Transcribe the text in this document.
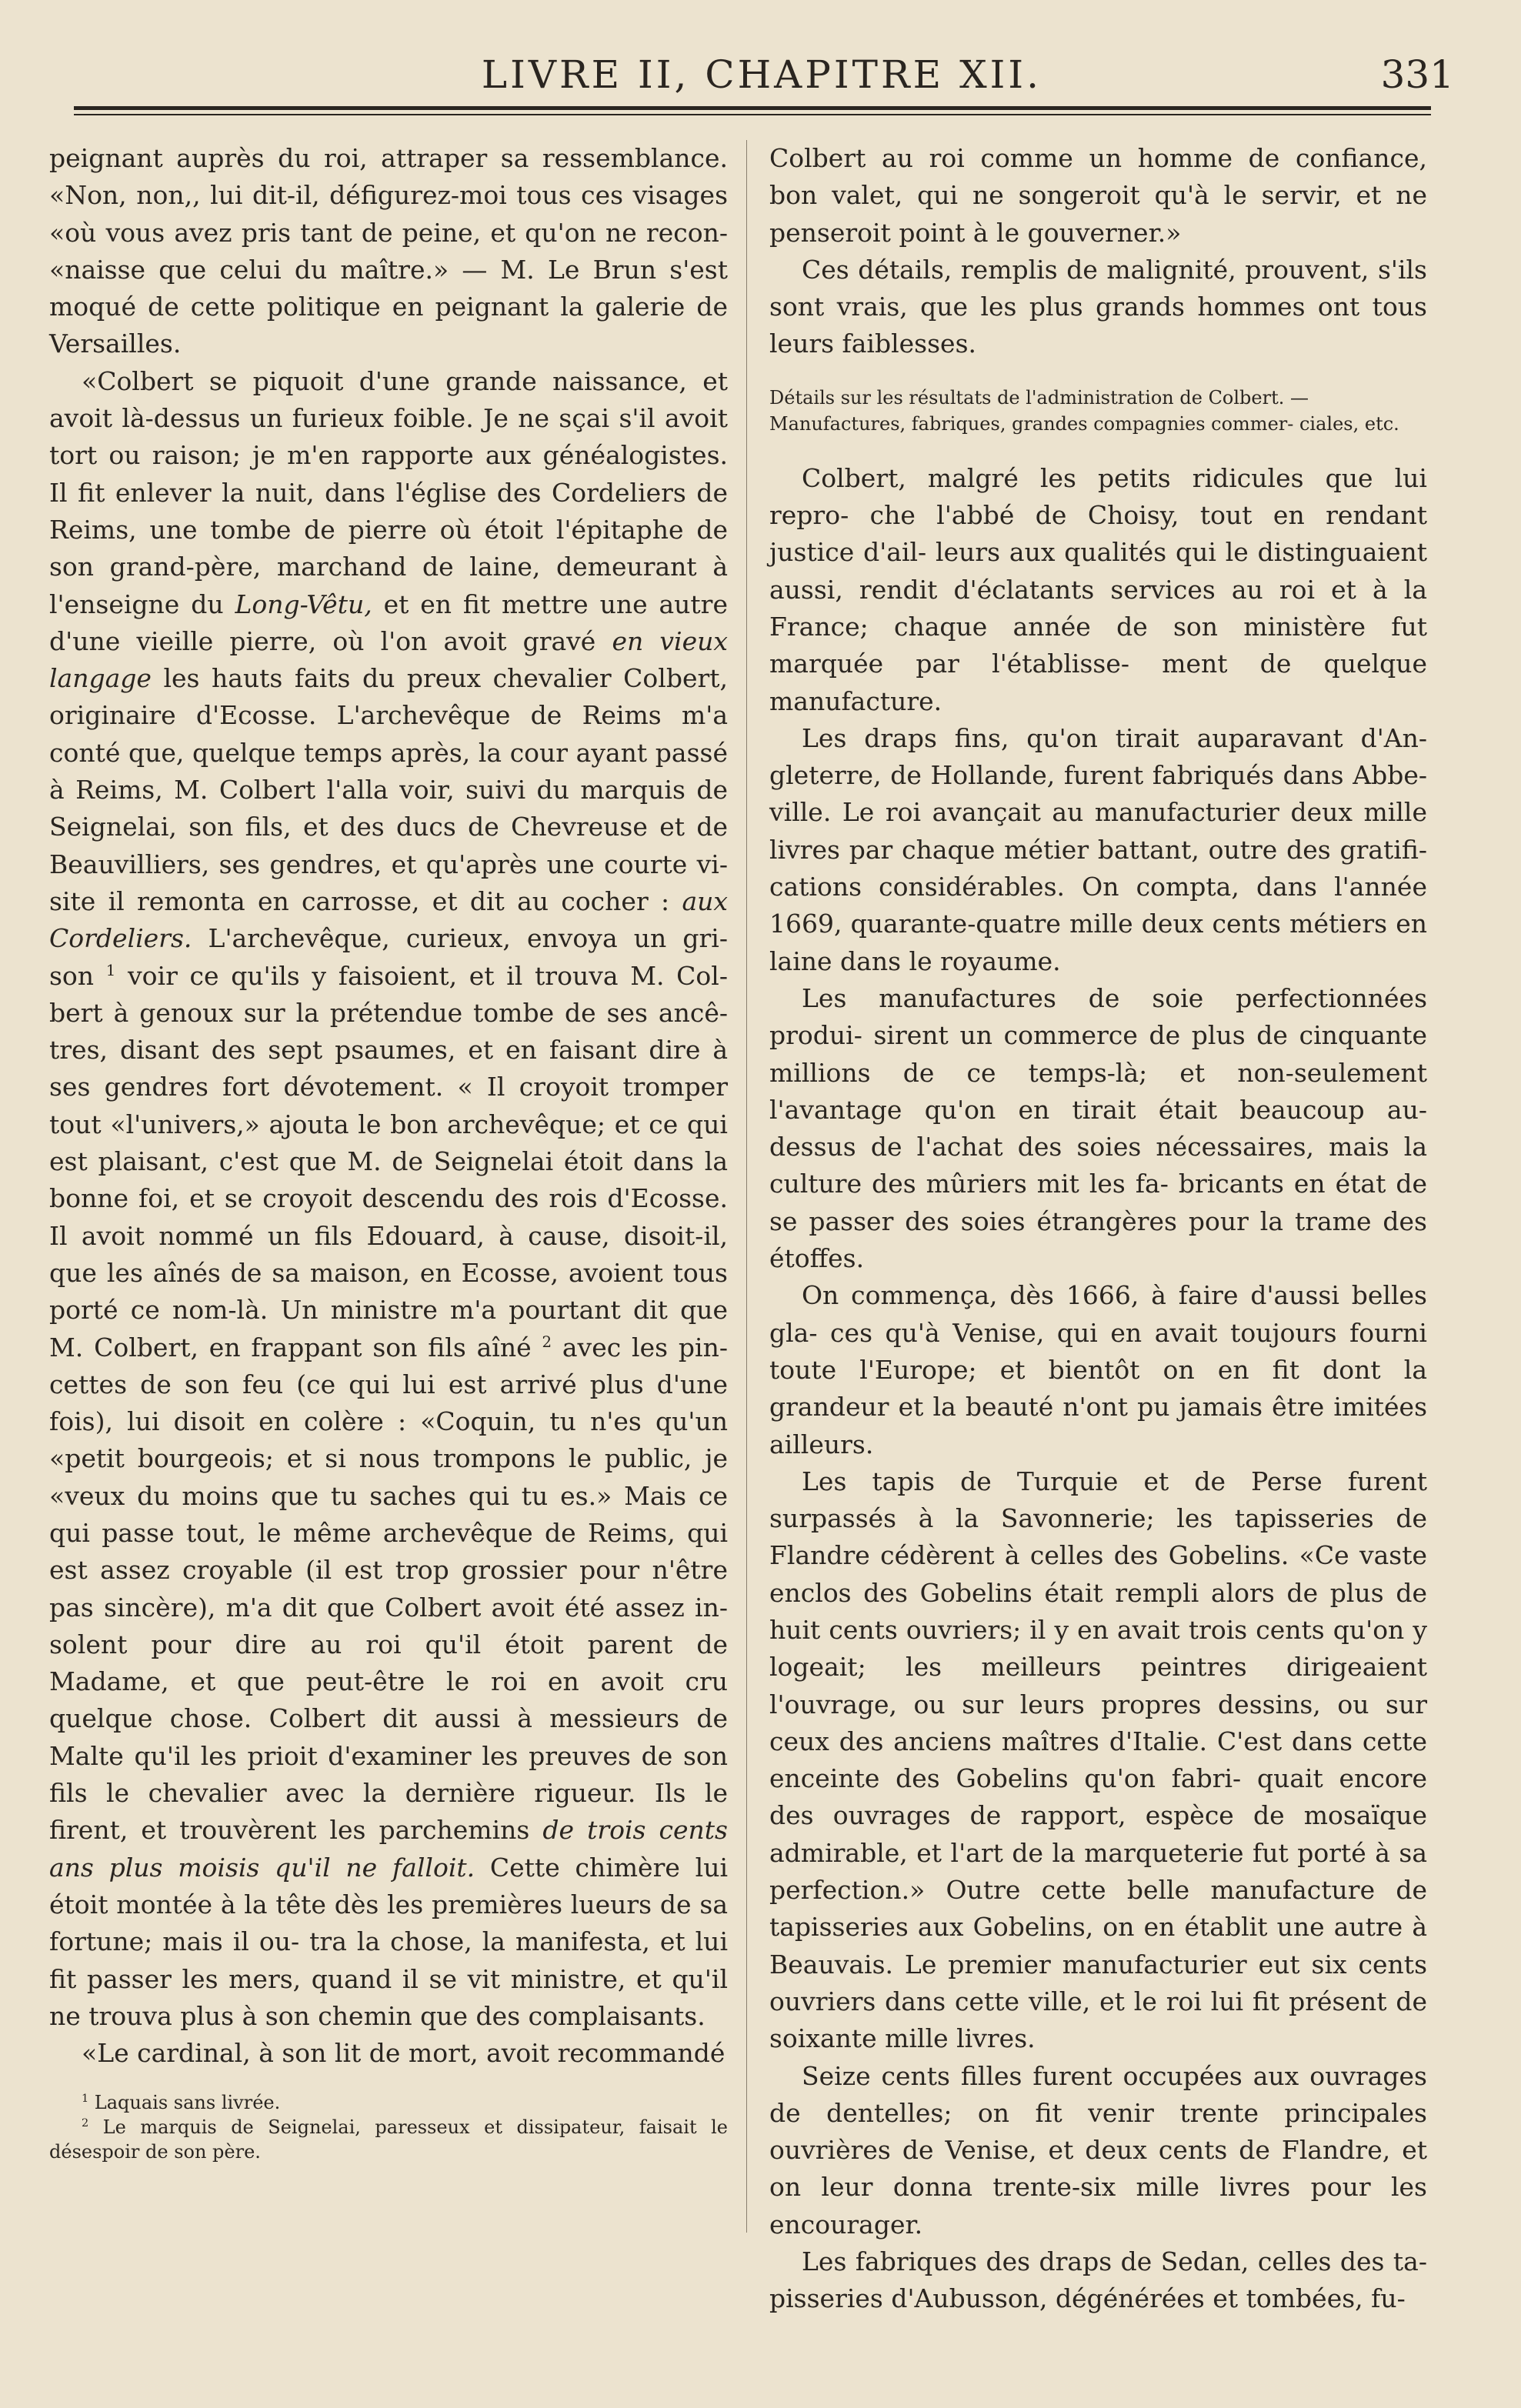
LIVRE II, CHAPITRE XII.	331

peignant auprès du roi, attraper sa ressemblance. «Non, non,, lui dit-il, défigurez-moi tous ces visages «où vous avez pris tant de peine, et qu'on ne recon- «naisse que celui du maître.» — M. Le Brun s'est moqué de cette politique en peignant la galerie de Versailles.

«Colbert se piquoit d'une grande naissance, et avoit là-dessus un furieux foible. Je ne sçai s'il avoit tort ou raison; je m'en rapporte aux généalogistes. Il fit enlever la nuit, dans l'église des Cordeliers de Reims, une tombe de pierre où étoit l'épitaphe de son grand-père, marchand de laine, demeurant à l'enseigne du Long-Vêtu, et en fit mettre une autre d'une vieille pierre, où l'on avoit gravé en vieux langage les hauts faits du preux chevalier Colbert, originaire d'Ecosse. L'archevêque de Reims m'a conté que, quelque temps après, la cour ayant passé à Reims, M. Colbert l'alla voir, suivi du marquis de Seignelai, son fils, et des ducs de Chevreuse et de Beauvilliers, ses gendres, et qu'après une courte vi- site il remonta en carrosse, et dit au cocher : aux Cordeliers. L'archevêque, curieux, envoya un gri- son $^1$ voir ce qu'ils y faisoient, et il trouva M. Col- bert à genoux sur la prétendue tombe de ses ancê- tres, disant des sept psaumes, et en faisant dire à ses gendres fort dévotement. « Il croyoit tromper tout «l'univers,» ajouta le bon archevêque; et ce qui est plaisant, c'est que M. de Seignelai étoit dans la bonne foi, et se croyoit descendu des rois d'Ecosse. Il avoit nommé un fils Edouard, à cause, disoit-il, que les aînés de sa maison, en Ecosse, avoient tous porté ce nom-là. Un ministre m'a pourtant dit que M. Colbert, en frappant son fils aîné $^2$ avec les pin- cettes de son feu (ce qui lui est arrivé plus d'une fois), lui disoit en colère : «Coquin, tu n'es qu'un «petit bourgeois; et si nous trompons le public, je «veux du moins que tu saches qui tu es.» Mais ce qui passe tout, le même archevêque de Reims, qui est assez croyable (il est trop grossier pour n'être pas sincère), m'a dit que Colbert avoit été assez in- solent pour dire au roi qu'il étoit parent de Madame, et que peut-être le roi en avoit cru quelque chose. Colbert dit aussi à messieurs de Malte qu'il les prioit d'examiner les preuves de son fils le chevalier avec la dernière rigueur. Ils le firent, et trouvèrent les parchemins de trois cents ans plus moisis qu'il ne falloit. Cette chimère lui étoit montée à la tête dès les premières lueurs de sa fortune; mais il ou- tra la chose, la manifesta, et lui fit passer les mers, quand il se vit ministre, et qu'il ne trouva plus à son chemin que des complaisants.

«Le cardinal, à son lit de mort, avoit recommandé

$^1$ Laquais sans livrée.

$^2$ Le marquis de Seignelai, paresseux et dissipateur, faisait le désespoir de son père.

Colbert au roi comme un homme de confiance, bon valet, qui ne songeroit qu'à le servir, et ne penseroit point à le gouverner.»

Ces détails, remplis de malignité, prouvent, s'ils sont vrais, que les plus grands hommes ont tous leurs faiblesses.

Détails sur les résultats de l'administration de Colbert. — Manufactures, fabriques, grandes compagnies commer- ciales, etc.

Colbert, malgré les petits ridicules que lui repro- che l'abbé de Choisy, tout en rendant justice d'ail- leurs aux qualités qui le distinguaient aussi, rendit d'éclatants services au roi et à la France; chaque année de son ministère fut marquée par l'établisse- ment de quelque manufacture.

Les draps fins, qu'on tirait auparavant d'An- gleterre, de Hollande, furent fabriqués dans Abbe- ville. Le roi avançait au manufacturier deux mille livres par chaque métier battant, outre des gratifi- cations considérables. On compta, dans l'année 1669, quarante-quatre mille deux cents métiers en laine dans le royaume.

Les manufactures de soie perfectionnées produi- sirent un commerce de plus de cinquante millions de ce temps-là; et non-seulement l'avantage qu'on en tirait était beaucoup au-dessus de l'achat des soies nécessaires, mais la culture des mûriers mit les fa- bricants en état de se passer des soies étrangères pour la trame des étoffes.

On commença, dès 1666, à faire d'aussi belles gla- ces qu'à Venise, qui en avait toujours fourni toute l'Europe; et bientôt on en fit dont la grandeur et la beauté n'ont pu jamais être imitées ailleurs.

Les tapis de Turquie et de Perse furent surpassés à la Savonnerie; les tapisseries de Flandre cédèrent à celles des Gobelins. «Ce vaste enclos des Gobelins était rempli alors de plus de huit cents ouvriers; il y en avait trois cents qu'on y logeait; les meilleurs peintres dirigeaient l'ouvrage, ou sur leurs propres dessins, ou sur ceux des anciens maîtres d'Italie. C'est dans cette enceinte des Gobelins qu'on fabri- quait encore des ouvrages de rapport, espèce de mosaïque admirable, et l'art de la marqueterie fut porté à sa perfection.» Outre cette belle manufacture de tapisseries aux Gobelins, on en établit une autre à Beauvais. Le premier manufacturier eut six cents ouvriers dans cette ville, et le roi lui fit présent de soixante mille livres.

Seize cents filles furent occupées aux ouvrages de dentelles; on fit venir trente principales ouvrières de Venise, et deux cents de Flandre, et on leur donna trente-six mille livres pour les encourager.

Les fabriques des draps de Sedan, celles des ta- pisseries d'Aubusson, dégénérées et tombées, fu-
